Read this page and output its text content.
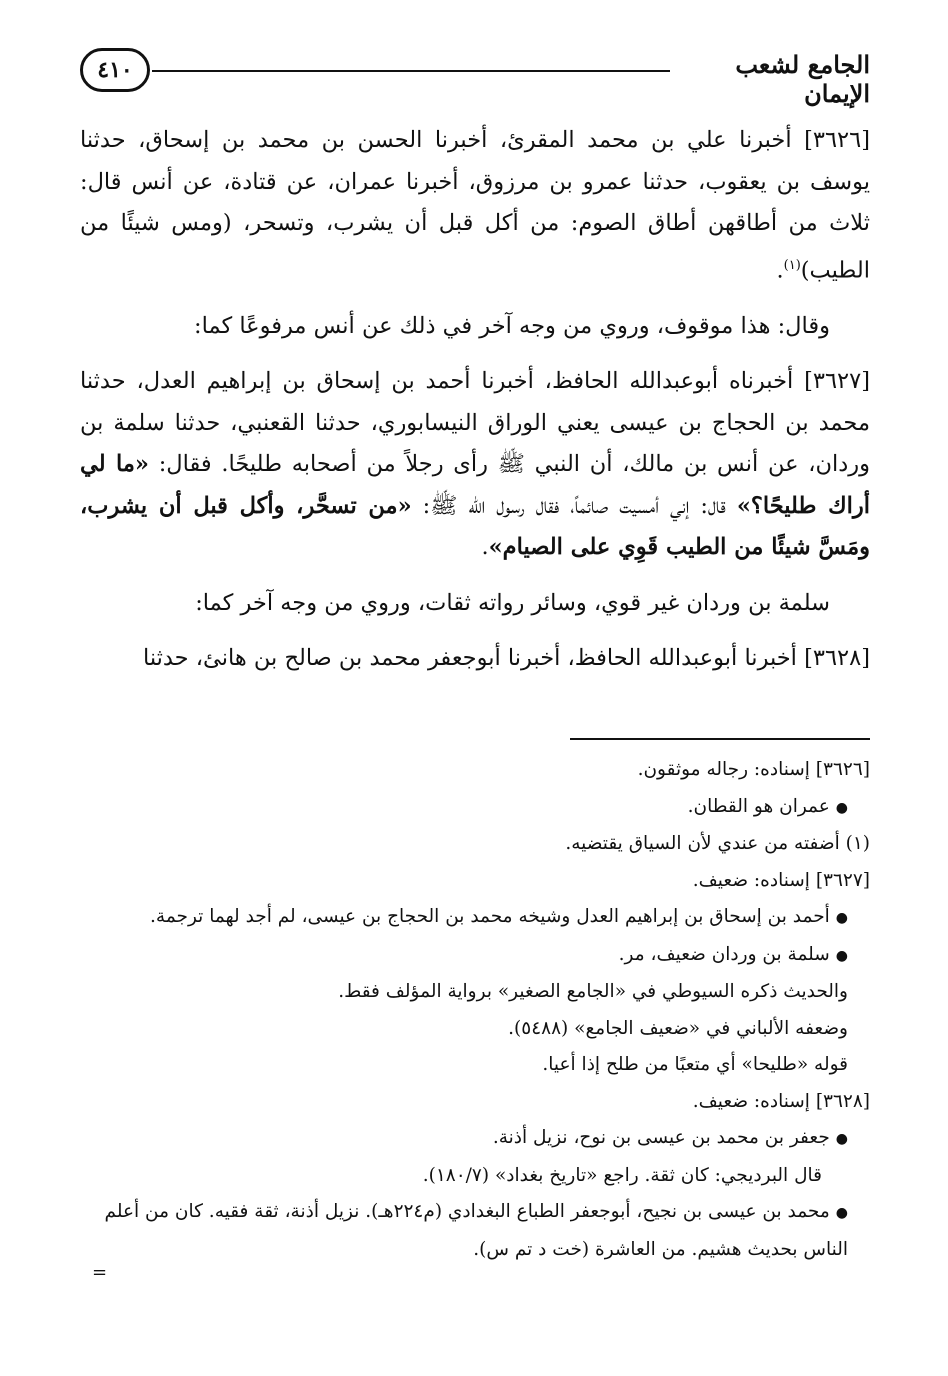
٤١٠	الجامع لشعب الإيمان

[٣٦٢٦] أخبرنا علي بن محمد المقرئ، أخبرنا الحسن بن محمد بن إسحاق، حدثنا يوسف بن يعقوب، حدثنا عمرو بن مرزوق، أخبرنا عمران، عن قتادة، عن أنس قال: ثلاث من أطاقهن أطاق الصوم: من أكل قبل أن يشرب، وتسحر، (ومس شيئًا من الطيب)$^{(١)}$.

وقال: هذا موقوف، وروي من وجه آخر في ذلك عن أنس مرفوعًا كما:

[٣٦٢٧] أخبرناه أبوعبدالله الحافظ، أخبرنا أحمد بن إسحاق بن إبراهيم العدل، حدثنا محمد بن الحجاج بن عيسى يعني الوراق النيسابوري، حدثنا القعنبي، حدثنا سلمة بن وردان، عن أنس بن مالك، أن النبي ﷺ رأى رجلاً من أصحابه طليحًا. فقال: «ما لي أراك طليحًا؟» قال: إني أمسيت صائماً، فقال رسول الله ﷺ: «من تسحَّر، وأكل قبل أن يشرب، ومَسَّ شيئًا من الطيب قَوِي على الصيام».

سلمة بن وردان غير قوي، وسائر رواته ثقات، وروي من وجه آخر كما:

[٣٦٢٨] أخبرنا أبوعبدالله الحافظ، أخبرنا أبوجعفر محمد بن صالح بن هانئ، حدثنا

[٣٦٢٦] إسناده: رجاله موثقون.

●عمران هو القطان.

(١) أضفته من عندي لأن السياق يقتضيه.

[٣٦٢٧] إسناده: ضعيف.

●أحمد بن إسحاق بن إبراهيم العدل وشيخه محمد بن الحجاج بن عيسى، لم أجد لهما ترجمة.

●سلمة بن وردان ضعيف، مر.

والحديث ذكره السيوطي في «الجامع الصغير» برواية المؤلف فقط.

وضعفه الألباني في «ضعيف الجامع» (٥٤٨٨).

قوله «طليحا» أي متعبًا من طلح إذا أعيا.

[٣٦٢٨] إسناده: ضعيف.

●جعفر بن محمد بن عيسى بن نوح، نزيل أذنة.

قال البرديجي: كان ثقة. راجع «تاريخ بغداد» (١٨٠/٧).

●محمد بن عيسى بن نجيح، أبوجعفر الطباع البغدادي (م٢٢٤هـ). نزيل أذنة، ثقة فقيه. كان من أعلم الناس بحديث هشيم. من العاشرة (خت د تم س).

=
